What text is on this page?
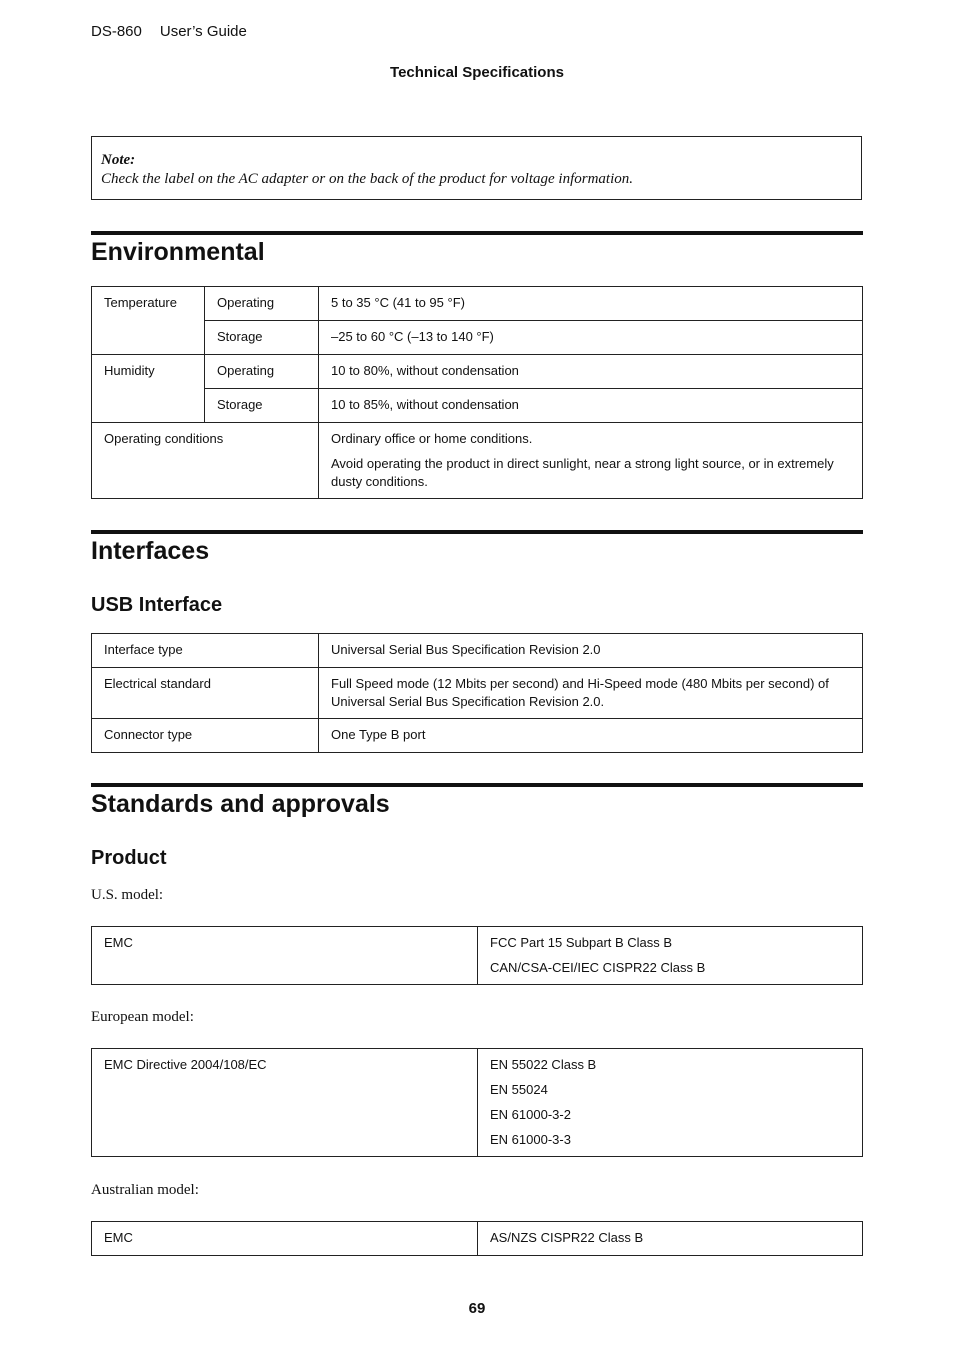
DS-860 User’s Guide
Technical Specifications
Note:
Check the label on the AC adapter or on the back of the product for voltage information.
Environmental
Temperature	Operating	5 to 35 °C (41 to 95 °F)
	Storage	–25 to 60 °C (–13 to 140 °F)
Humidity	Operating	10 to 80%, without condensation
	Storage	10 to 85%, without condensation
Operating conditions		Ordinary office or home conditions.

Avoid operating the product in direct sunlight, near a strong light source, or in extremely dusty conditions.

Interfaces
USB Interface
Interface type	Universal Serial Bus Specification Revision 2.0
Electrical standard	Full Speed mode (12 Mbits per second) and Hi-Speed mode (480 Mbits per second) of Universal Serial Bus Specification Revision 2.0.
Connector type	One Type B port
Standards and approvals
Product
U.S. model:
EMC	FCC Part 15 Subpart B Class B

CAN/CSA-CEI/IEC CISPR22 Class B

European model:
EMC Directive 2004/108/EC	EN 55022 Class B

EN 55024

EN 61000-3-2

EN 61000-3-3

Australian model:
EMC	AS/NZS CISPR22 Class B
69
